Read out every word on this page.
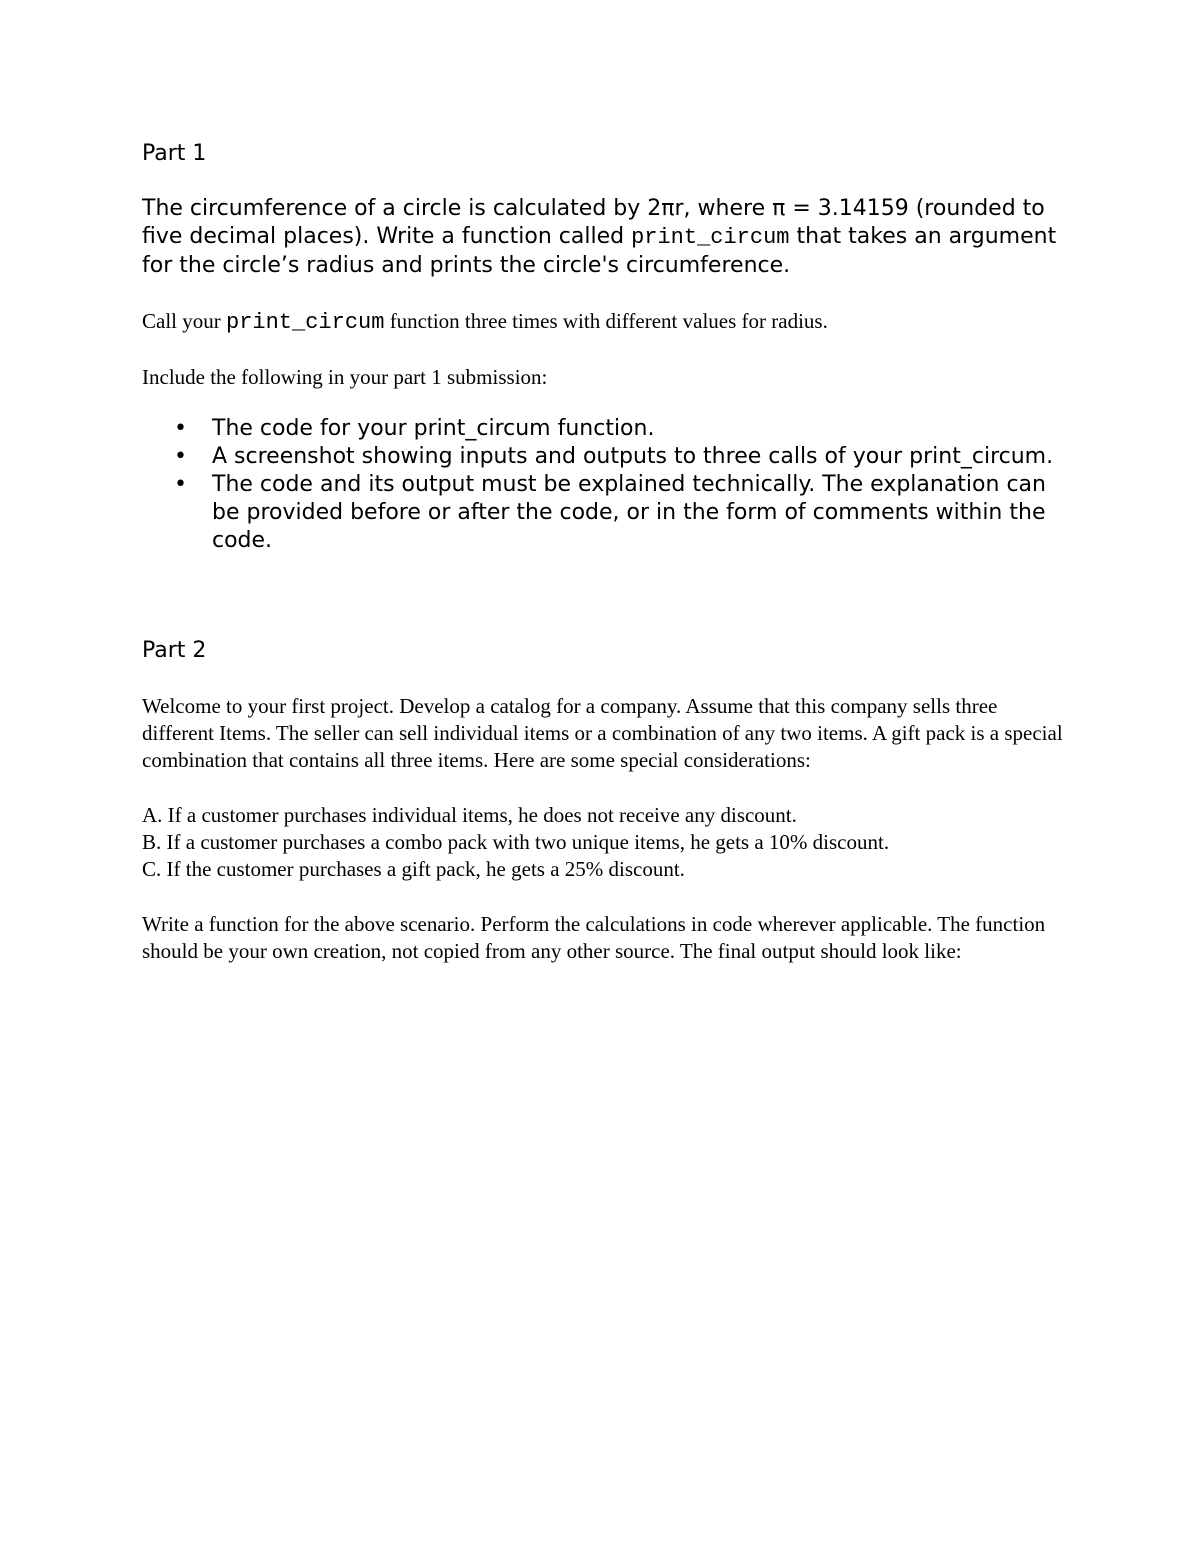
Part 1

The circumference of a circle is calculated by 2πr, where π = 3.14159 (rounded to five decimal places). Write a function called print_circum that takes an argument for the circle’s radius and prints the circle's circumference.

Call your print_circum function three times with different values for radius.

Include the following in your part 1 submission:

• The code for your print_circum function.
• A screenshot showing inputs and outputs to three calls of your print_circum.
• The code and its output must be explained technically. The explanation can be provided before or after the code, or in the form of comments within the code.
Part 2

Welcome to your first project. Develop a catalog for a company. Assume that this company sells three different Items. The seller can sell individual items or a combination of any two items. A gift pack is a special combination that contains all three items. Here are some special considerations:

A. If a customer purchases individual items, he does not receive any discount.

B. If a customer purchases a combo pack with two unique items, he gets a 10% discount.

C. If the customer purchases a gift pack, he gets a 25% discount.

Write a function for the above scenario. Perform the calculations in code wherever applicable. The function should be your own creation, not copied from any other source. The final output should look like:
